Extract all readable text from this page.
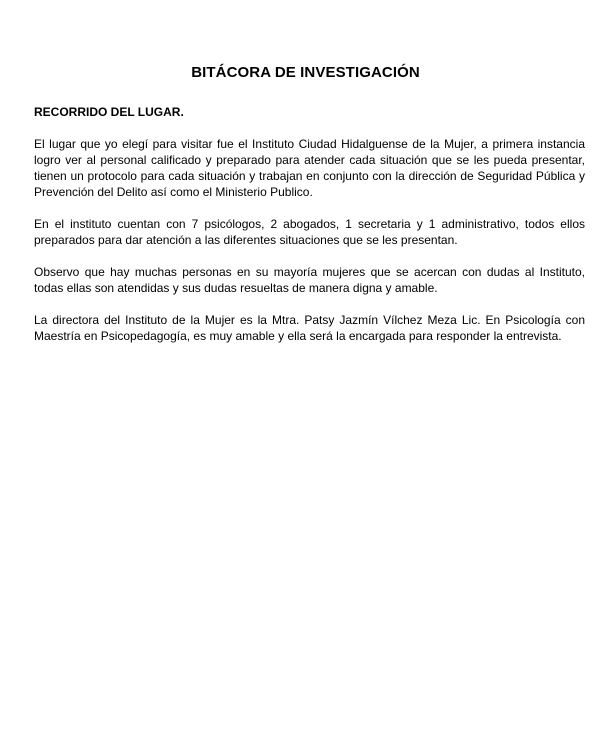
BITÁCORA DE INVESTIGACIÓN
RECORRIDO DEL LUGAR.

El lugar que yo elegí para visitar fue el Instituto Ciudad Hidalguense de la Mujer, a primera instancia logro ver al personal calificado y preparado para atender cada situación que se les pueda presentar, tienen un protocolo para cada situación y trabajan en conjunto con la dirección de Seguridad Pública y Prevención del Delito así como el Ministerio Publico.

En el instituto cuentan con 7 psicólogos, 2 abogados, 1 secretaria y 1 administrativo, todos ellos preparados para dar atención a las diferentes situaciones que se les presentan.

Observo que hay muchas personas en su mayoría mujeres que se acercan con dudas al Instituto, todas ellas son atendidas y sus dudas resueltas de manera digna y amable.

La directora del Instituto de la Mujer es la Mtra. Patsy Jazmín Vílchez Meza Lic. En Psicología con Maestría en Psicopedagogía, es muy amable y ella será la encargada para responder la entrevista.
